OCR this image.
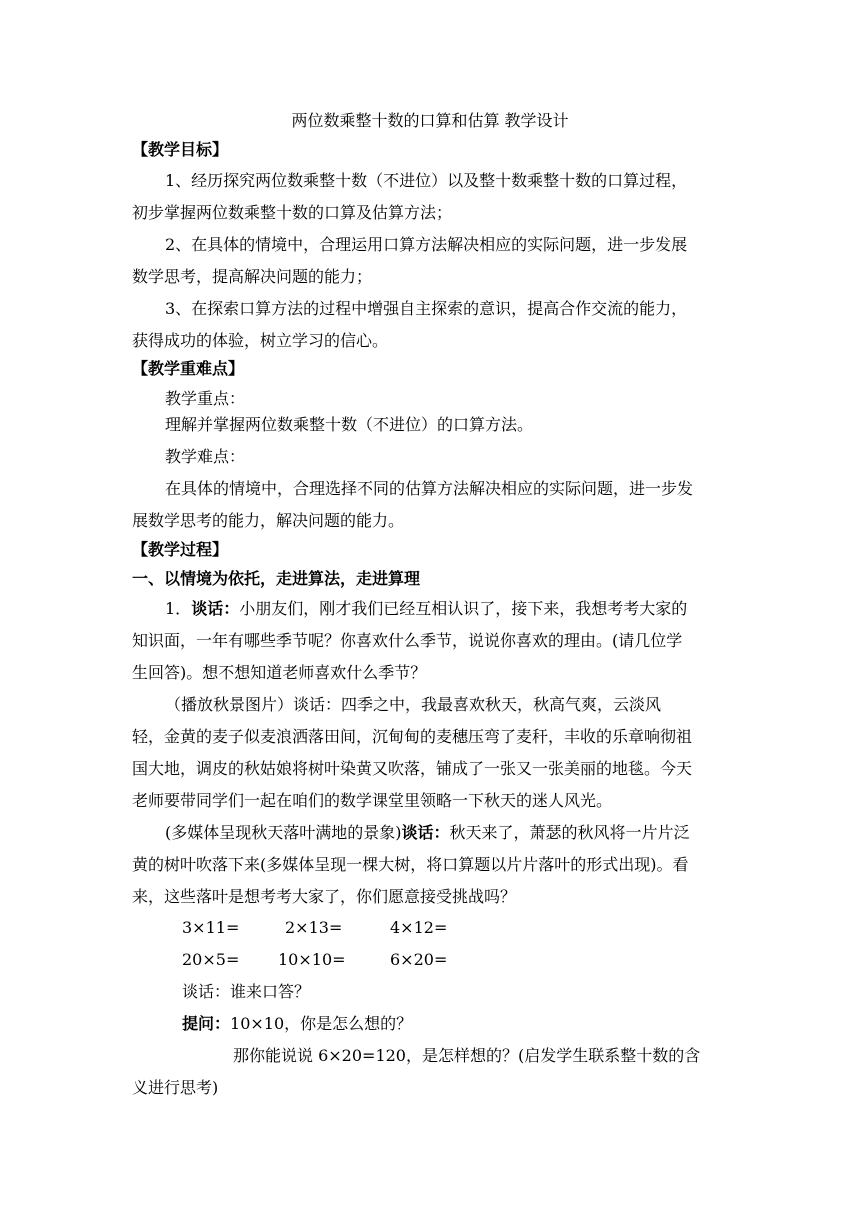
两位数乘整十数的口算和估算 教学设计
【教学目标】
1、经历探究两位数乘整十数（不进位）以及整十数乘整十数的口算过程，
初步掌握两位数乘整十数的口算及估算方法；
2、在具体的情境中，合理运用口算方法解决相应的实际问题，进一步发展
数学思考，提高解决问题的能力；
3、在探索口算方法的过程中增强自主探索的意识，提高合作交流的能力，
获得成功的体验，树立学习的信心。
【教学重难点】
教学重点：
理解并掌握两位数乘整十数（不进位）的口算方法。
教学难点：
在具体的情境中，合理选择不同的估算方法解决相应的实际问题，进一步发
展数学思考的能力，解决问题的能力。
【教学过程】
一、以情境为依托，走进算法，走进算理
1．谈话：小朋友们，刚才我们已经互相认识了，接下来，我想考考大家的
知识面，一年有哪些季节呢？你喜欢什么季节，说说你喜欢的理由。(请几位学
生回答)。想不想知道老师喜欢什么季节？
（播放秋景图片）谈话：四季之中，我最喜欢秋天，秋高气爽，云淡风
轻，金黄的麦子似麦浪洒落田间，沉甸甸的麦穗压弯了麦秆，丰收的乐章响彻祖
国大地，调皮的秋姑娘将树叶染黄又吹落，铺成了一张又一张美丽的地毯。今天
老师要带同学们一起在咱们的数学课堂里领略一下秋天的迷人风光。
(多媒体呈现秋天落叶满地的景象)谈话：秋天来了，萧瑟的秋风将一片片泛
黄的树叶吹落下来(多媒体呈现一棵大树，将口算题以片片落叶的形式出现)。看
来，这些落叶是想考考大家了，你们愿意接受挑战吗？
3×11=	2×13=	4×12=
20×5= 10×10=	6×20=
谈话：谁来口答？
提问：10×10，你是怎么想的？
那你能说说 6×20=120，是怎样想的？(启发学生联系整十数的含
义进行思考)
